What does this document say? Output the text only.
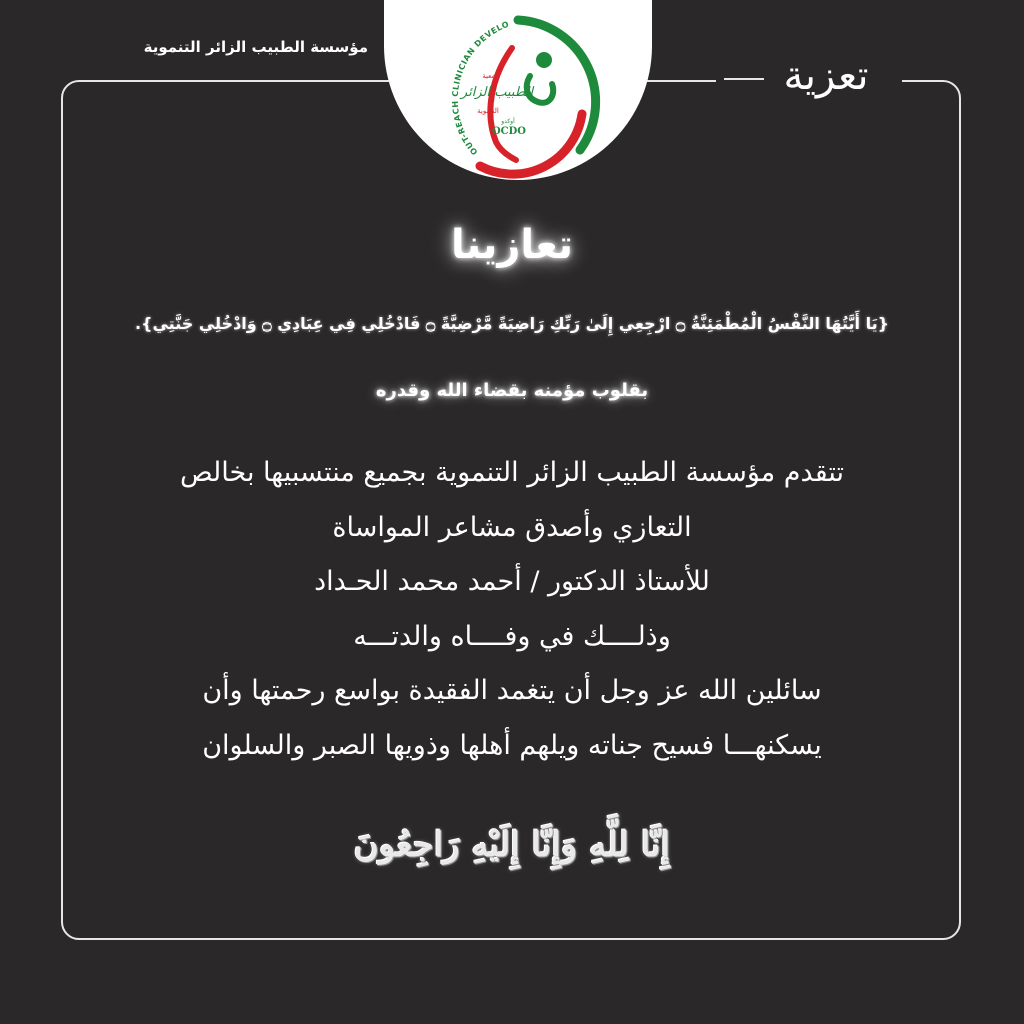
مؤسسة الطبيب الزائر التنموية
تعزية
OUT-REACH CLINICIAN DEVELO
جمعية
الطبيب الزائر
التنموية
أوكدو
OCDO
تعازينا
{يَا أَيَّتُهَا النَّفْسُ الْمُطْمَئِنَّةُ ۝ ارْجِعِي إِلَىٰ رَبِّكِ رَاضِيَةً مَّرْضِيَّةً ۝ فَادْخُلِي فِي عِبَادِي ۝ وَادْخُلِي جَنَّتِي}.
بقلوب مؤمنه بقضاء الله وقدره
تتقدم مؤسسة الطبيب الزائر التنموية بجميع منتسبيها بخالص
التعازي وأصدق مشاعر المواساة
للأستاذ الدكتور / أحمد محمد الحـداد
وذلــــك في وفــــاه والدتـــه
سائلين الله عز وجل أن يتغمد الفقيدة بواسع رحمتها وأن
يسكنهـــا فسيح جناته ويلهم أهلها وذويها الصبر والسلوان
إِنَّا لِلَّهِ وَإِنَّا إِلَيْهِ رَاجِعُونَ
